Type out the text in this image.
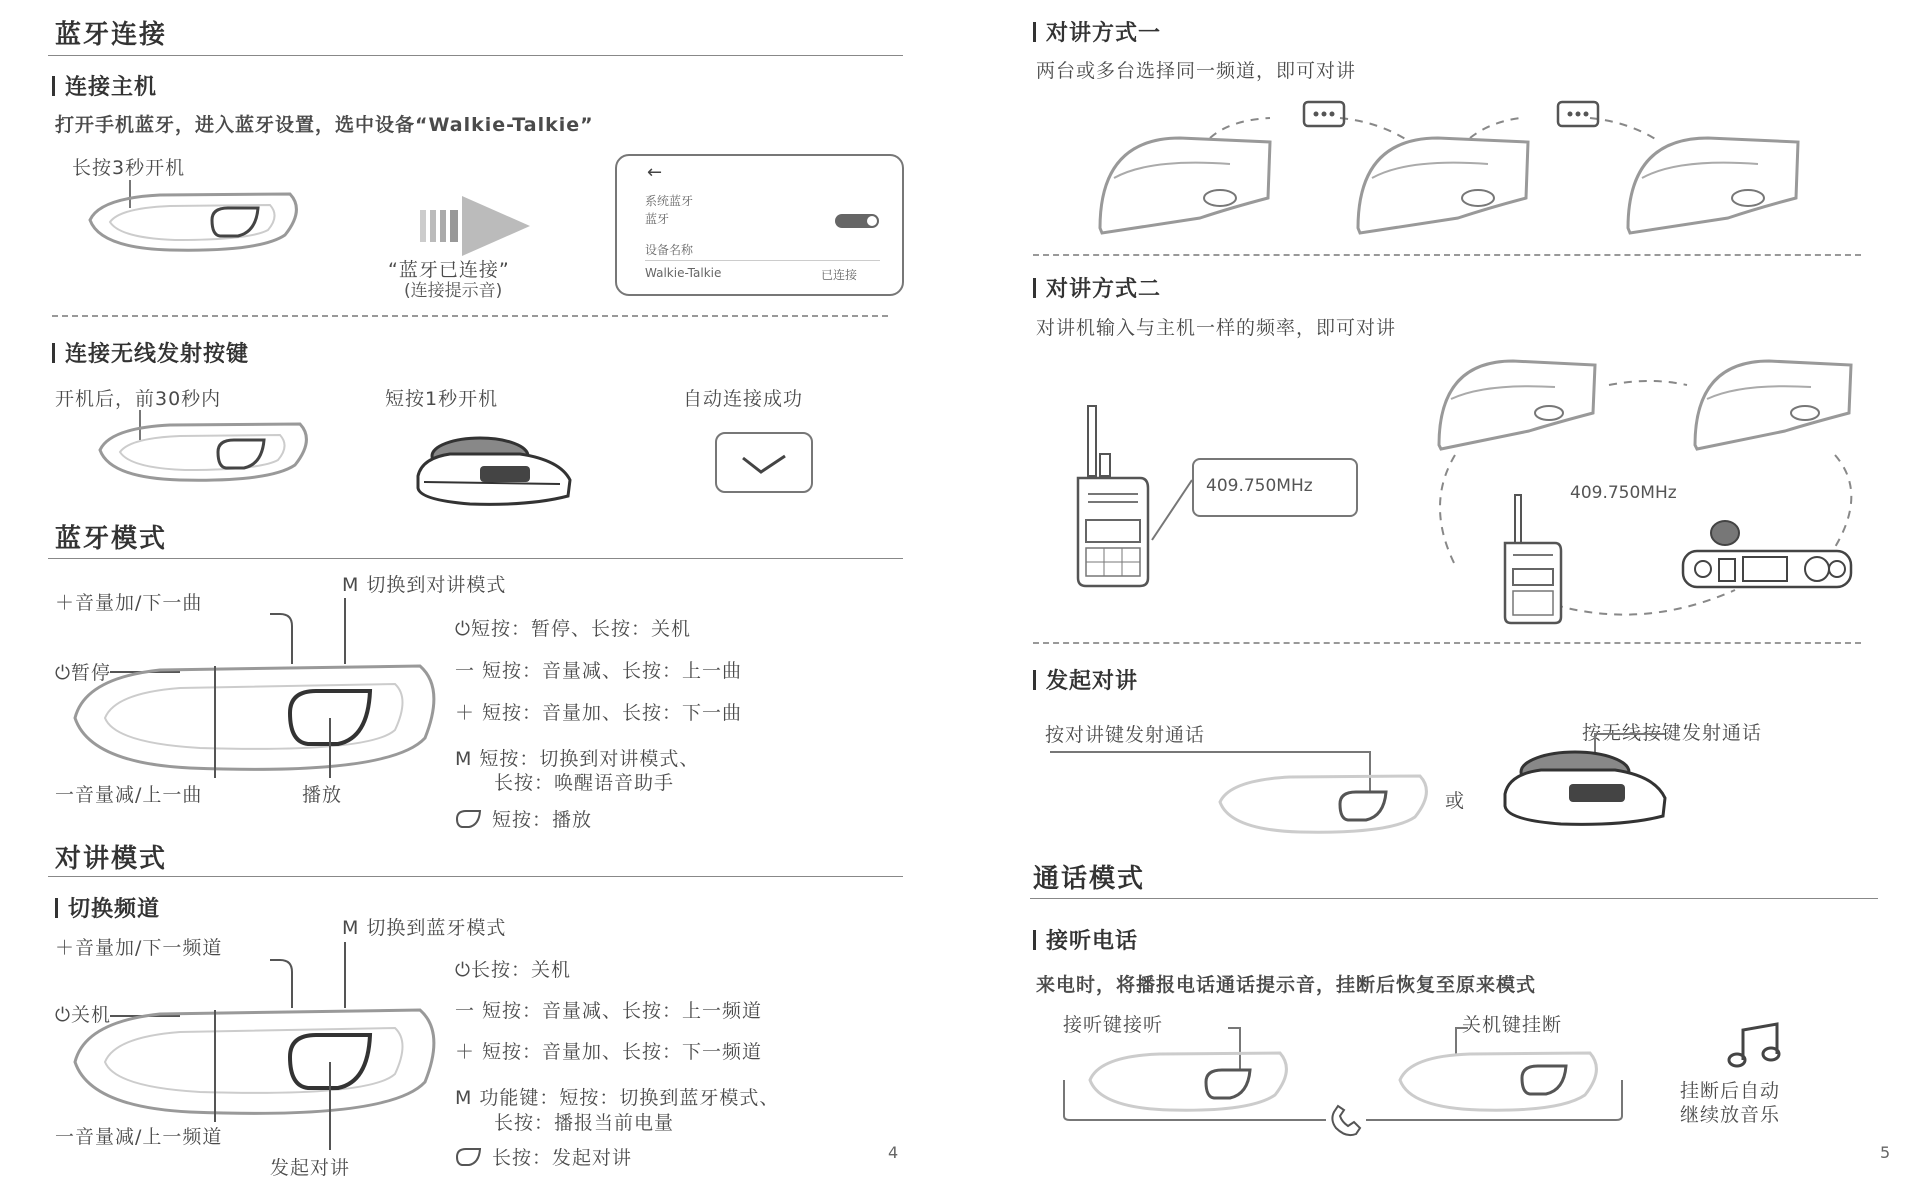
蓝牙连接
连接主机
打开手机蓝牙，进入蓝牙设置，选中设备“Walkie-Talkie”
长按3秒开机
“蓝牙已连接”
(连接提示音)
←
系统蓝牙
蓝牙
设备名称
Walkie-Talkie	已连接
连接无线发射按键
开机后，前30秒内	短按1秒开机	自动连接成功
蓝牙模式
＋音量加/下一曲
M 切换到对讲模式
⏻暂停
一音量减/上一曲	播放
⏻短按：暂停、长按：关机
一 短按：音量减、长按：上一曲
＋ 短按：音量加、长按：下一曲
M 短按：切换到对讲模式、
长按：唤醒语音助手
短按：播放
对讲模式
切换频道
＋音量加/下一频道
M 切换到蓝牙模式
⏻关机
一音量减/上一频道
发起对讲
⏻长按：关机
一 短按：音量减、长按：上一频道
＋ 短按：音量加、长按：下一频道
M 功能键：短按：切换到蓝牙模式、
长按：播报当前电量
长按：发起对讲	4
对讲方式一
两台或多台选择同一频道，即可对讲
对讲方式二
对讲机输入与主机一样的频率，即可对讲
409.750MHz	409.750MHz
发起对讲
按对讲键发射通话	按无线按键发射通话
或
通话模式
接听电话
来电时，将播报电话通话提示音，挂断后恢复至原来模式
接听键接听	关机键挂断
挂断后自动
继续放音乐
5
